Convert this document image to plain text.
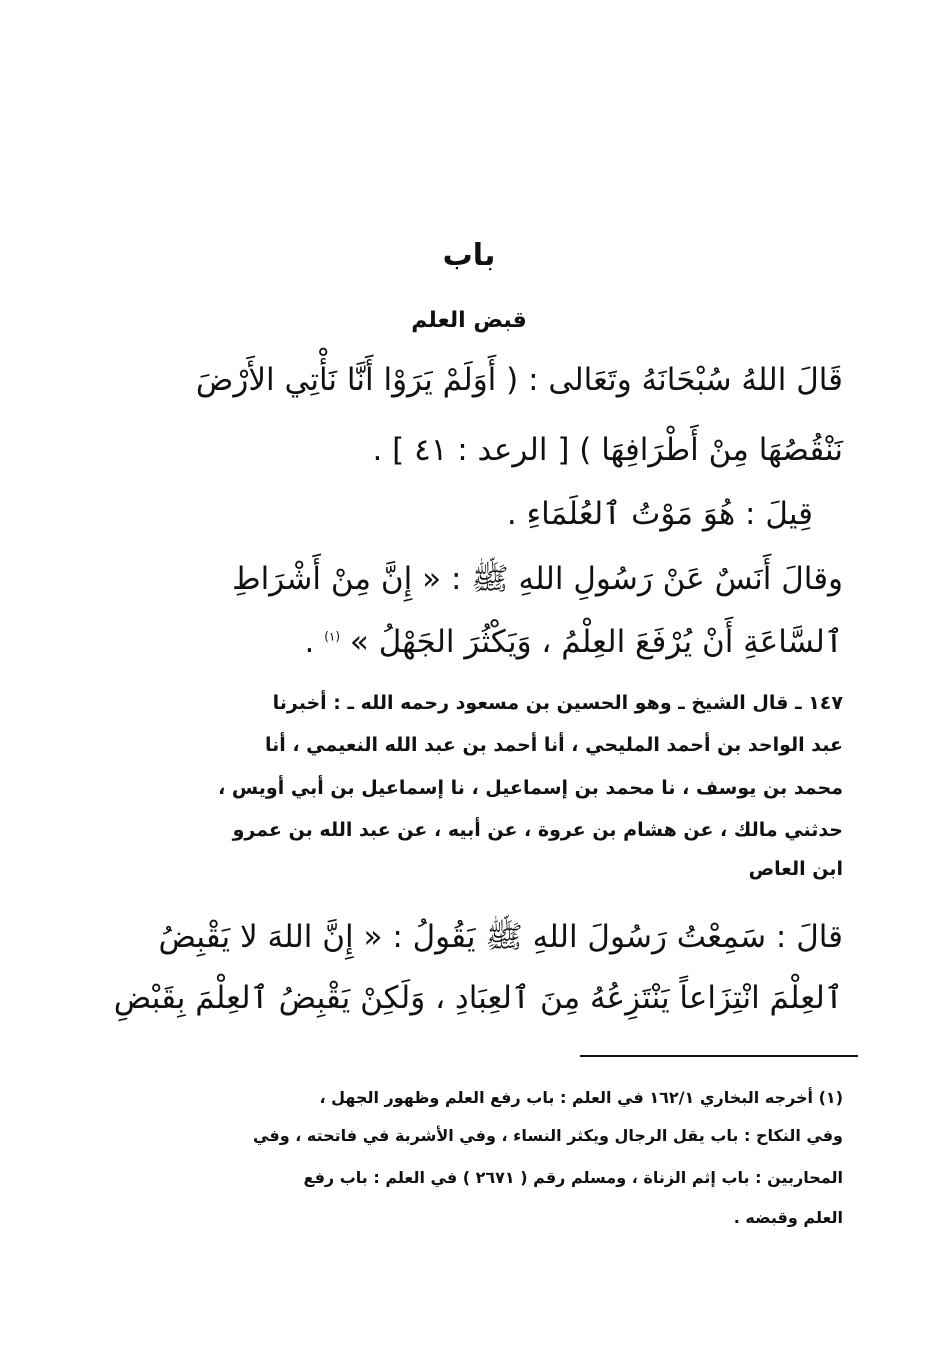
باب
قبض العلم
قَالَ اللهُ سُبْحَانَهُ وتَعَالى : ( أَوَلَمْ يَرَوْا أَنَّا نَأْتِي الأَرْضَ
نَنْقُصُهَا مِنْ أَطْرَافِهَا ) [ الرعد : ٤١ ] .
قِيلَ : هُوَ مَوْتُ ٱلعُلَمَاءِ .
وقالَ أَنَسٌ عَنْ رَسُولِ اللهِ ﷺ : « إِنَّ مِنْ أَشْرَاطِ
ٱلسَّاعَةِ أَنْ يُرْفَعَ العِلْمُ ، وَيَكْثُرَ الجَهْلُ » $^{(١)}$ .
١٤٧ ـ قال الشيخ ـ وهو الحسين بن مسعود رحمه الله ـ : أخبرنا
عبد الواحد بن أحمد المليحي ، أنا أحمد بن عبد الله النعيمي ، أنا
محمد بن يوسف ، نا محمد بن إسماعيل ، نا إسماعيل بن أبي أويس ،
حدثني مالك ، عن هشام بن عروة ، عن أبيه ، عن عبد الله بن عمرو
ابن العاص
قالَ : سَمِعْتُ رَسُولَ اللهِ ﷺ يَقُولُ : « إِنَّ اللهَ لا يَقْبِضُ
ٱلعِلْمَ انْتِزَاعاً يَنْتَزِعُهُ مِنَ ٱلعِبَادِ ، وَلَكِنْ يَقْبِضُ ٱلعِلْمَ بِقَبْضِ
(١) أخرجه البخاري ١٦٢/١ في العلم : باب رفع العلم وظهور الجهل ،
وفي النكاح : باب يقل الرجال ويكثر النساء ، وفي الأشربة في فاتحته ، وفي
المحاربين : باب إثم الزناة ، ومسلم رقم ( ٢٦٧١ ) في العلم : باب رفع
العلم وقبضه .
